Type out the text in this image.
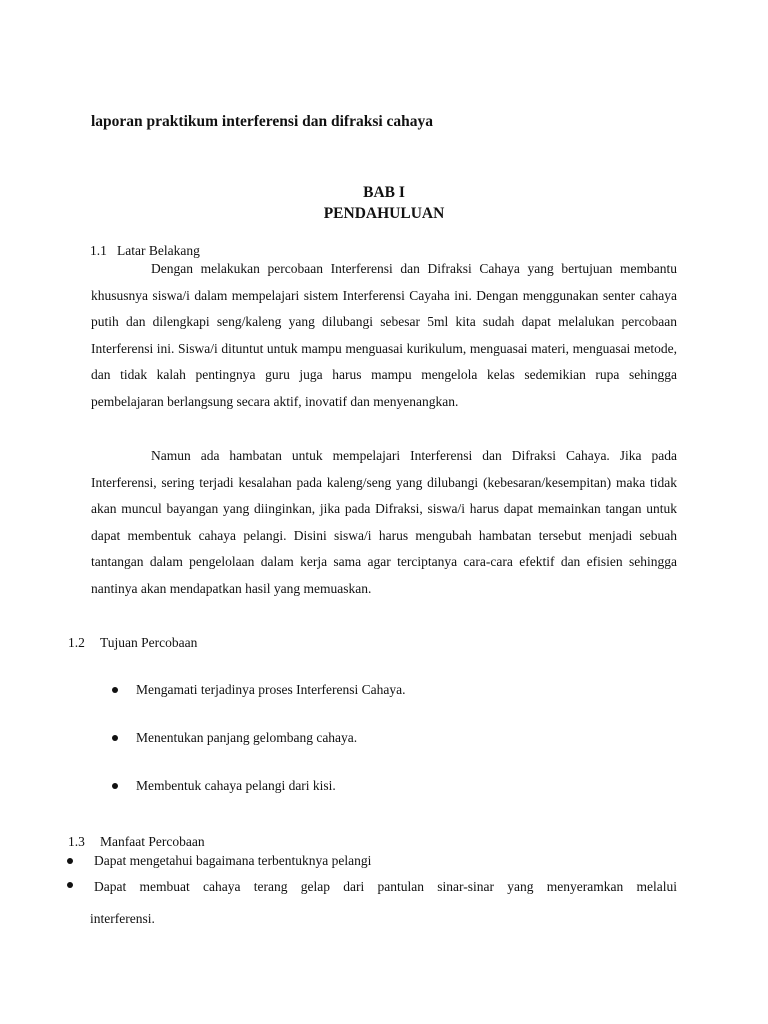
laporan praktikum interferensi dan difraksi cahaya
BAB I
PENDAHULUAN
1.1 Latar Belakang

Dengan melakukan percobaan Interferensi dan Difraksi Cahaya yang bertujuan membantu khususnya siswa/i dalam mempelajari sistem Interferensi Cayaha ini. Dengan menggunakan senter cahaya putih dan dilengkapi seng/kaleng yang dilubangi sebesar 5ml kita sudah dapat melalukan percobaan Interferensi ini. Siswa/i dituntut untuk mampu menguasai kurikulum, menguasai materi, menguasai metode, dan tidak kalah pentingnya guru juga harus mampu mengelola kelas sedemikian rupa sehingga pembelajaran berlangsung secara aktif, inovatif dan menyenangkan.

Namun ada hambatan untuk mempelajari Interferensi dan Difraksi Cahaya. Jika pada Interferensi, sering terjadi kesalahan pada kaleng/seng yang dilubangi (kebesaran/kesempitan) maka tidak akan muncul bayangan yang diinginkan, jika pada Difraksi, siswa/i harus dapat memainkan tangan untuk dapat membentuk cahaya pelangi. Disini siswa/i harus mengubah hambatan tersebut menjadi sebuah tantangan dalam pengelolaan dalam kerja sama agar terciptanya cara-cara efektif dan efisien sehingga nantinya akan mendapatkan hasil yang memuaskan.

1.2 Tujuan Percobaan
Mengamati terjadinya proses Interferensi Cahaya.
Menentukan panjang gelombang cahaya.
Membentuk cahaya pelangi dari kisi.
1.3 Manfaat Percobaan
Dapat mengetahui bagaimana terbentuknya pelangi
Dapat membuat cahaya terang gelap dari pantulan sinar-sinar yang menyeramkan melalui
interferensi.
